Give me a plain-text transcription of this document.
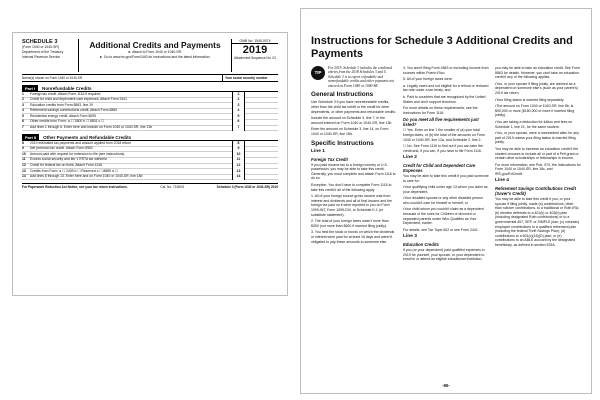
SCHEDULE 3
(Form 1040 or 1040-SR)
Department of the Treasury
Internal Revenue Service
Additional Credits and Payments
► Attach to Form 1040 or 1040-SR.
► Go to www.irs.gov/Form1040 for instructions and the latest information.
OMB No. 1545-0074
2019
Attachment Sequence No. 03
Name(s) shown on Form 1040 or 1040-SR	Your social security number
Part I	Nonrefundable Credits
1	Foreign tax credit. Attach Form 1116 if required	1
2	Credit for child and dependent care expenses. Attach Form 2441	2
3	Education credits from Form 8863, line 19	3
4	Retirement savings contributions credit. Attach Form 8880	4
5	Residential energy credit. Attach Form 5695	5
6	Other credits from Form: a ☐ 3800 b ☐ 8801 c ☐	6
7	Add lines 1 through 6. Enter here and include on Form 1040 or 1040-SR, line 13b	7
Part II	Other Payments and Refundable Credits
8	2019 estimated tax payments and amount applied from 2018 return	8
9	Net premium tax credit. Attach Form 8962	9
10	Amount paid with request for extension to file (see instructions)	10
11	Excess social security and tier 1 RRTA tax withheld	11
12	Credit for federal tax on fuels. Attach Form 4136	12
13	Credits from Form: a ☐ 2439 b ☐ Reserved c ☐ 8885 d ☐	13
14	Add lines 8 through 13. Enter here and on Form 1040 or 1040-SR, line 18d	14
For Paperwork Reduction Act Notice, see your tax return instructions.	Cat. No. 71480G	Schedule 3 (Form 1040 or 1040-SR) 2019
Instructions for Schedule 3 Additional Credits and Payments
TIP
For 2019, Schedule 3 includes the combined entries from the 2018 Schedules 3 and 5. Schedule 3 is to report refundable and nonrefundable credits and other payments not entered on Form 1040 or 1040-SR.
General Instructions

Use Schedule 3 if you have nonrefundable credits, other than the child tax credit or the credit for other dependents, or other payments and refundable credits.

Include the amount on Schedule 3, line 7, in the amount entered on Form 1040 or 1040-SR, line 13b.

Enter the amount on Schedule 3, line 14, on Form 1040 or 1040-SR, line 18d.

Specific Instructions
Line 1
Foreign Tax Credit

If you paid income tax to a foreign country or U.S. possession, you may be able to take this credit. Generally, you must complete and attach Form 1116 to do so.

Exception. You don't have to complete Form 1116 to take this credit if all of the following apply.

1. All of your foreign source gross income was from interest and dividends and all of that income and the foreign tax paid on it were reported to you on Form 1099-INT, Form 1099-DIV, or Schedule K-1 (or substitute statement).

2. The total of your foreign taxes wasn't more than $300 (not more than $600 if married filing jointly).

3. You held the stock or bonds on which the dividends or interest were paid for at least 16 days and weren't obligated to pay these amounts to someone else.

4. You aren't filing Form 4563 or excluding income from sources within Puerto Rico.

5. All of your foreign taxes were:

a. Legally owed and not eligible for a refund or reduced tax rate under a tax treaty, and

b. Paid to countries that are recognized by the United States and don't support terrorism.

For more details on these requirements, see the Instructions for Form 1116.

Do you meet all five requirements just listed?

☐ Yes. Enter on line 1 the smaller of (a) your total foreign taxes, or (b) the total of the amounts on Form 1040 or 1040-SR, line 12a, and Schedule 2, line 2.

☐ No. See Form 1116 to find out if you can take the credit and, if you can, if you have to file Form 1116.

Line 2
Credit for Child and Dependent Care Expenses

You may be able to take this credit if you paid someone to care for:

• Your qualifying child under age 13 whom you claim as your dependent,

• Your disabled spouse or any other disabled person who couldn't care for himself or herself, or

• Your child whom you couldn't claim as a dependent because of the rules for Children of divorced or separated parents under Who Qualifies as Your Dependent, earlier.

For details, see Tax Topic 602 or see Form 2441.

Line 3
Education Credits

If you (or your dependent) paid qualified expenses in 2019 for yourself, your spouse, or your dependent to enroll in or attend an eligible educational institution,

you may be able to take an education credit. See Form 8863 for details. However, you can't take an education credit if any of the following applies.

• You, or your spouse if filing jointly, are claimed as a dependent on someone else's (such as your parent's) 2019 tax return.

• Your filing status is married filing separately.

• The amount on Form 1040 or 1040-SR, line 8b, is $90,000 or more ($180,000 or more if married filing jointly).

• You are taking a deduction for tuition and fees on Schedule 1, line 21, for the same student.

• You, or your spouse, were a nonresident alien for any part of 2019 unless your filing status is married filing jointly.

You may be able to increase an education credit if the student chooses to include all or part of a Pell grant or certain other scholarships or fellowships in income.

For more information, see Pub. 970, the Instructions for Form 1040 or 1040-SR, line 18c, and IRS.gov/EdCredit.

Line 4
Retirement Savings Contributions Credit (Saver's Credit)

You may be able to take this credit if you, or your spouse if filing jointly, made (a) contributions, other than rollover contributions, to a traditional or Roth IRA; (b) elective deferrals to a 401(k) or 403(b) plan (including designated Roth contributions) or to a governmental 457, SEP, or SIMPLE plan; (c) voluntary employee contributions to a qualified retirement plan (including the federal Thrift Savings Plan); (d) contributions to a 501(c)(18)(D) plan; or (e) contributions to an ABLE account by the designated beneficiary, as defined in section 529A.

-95-
